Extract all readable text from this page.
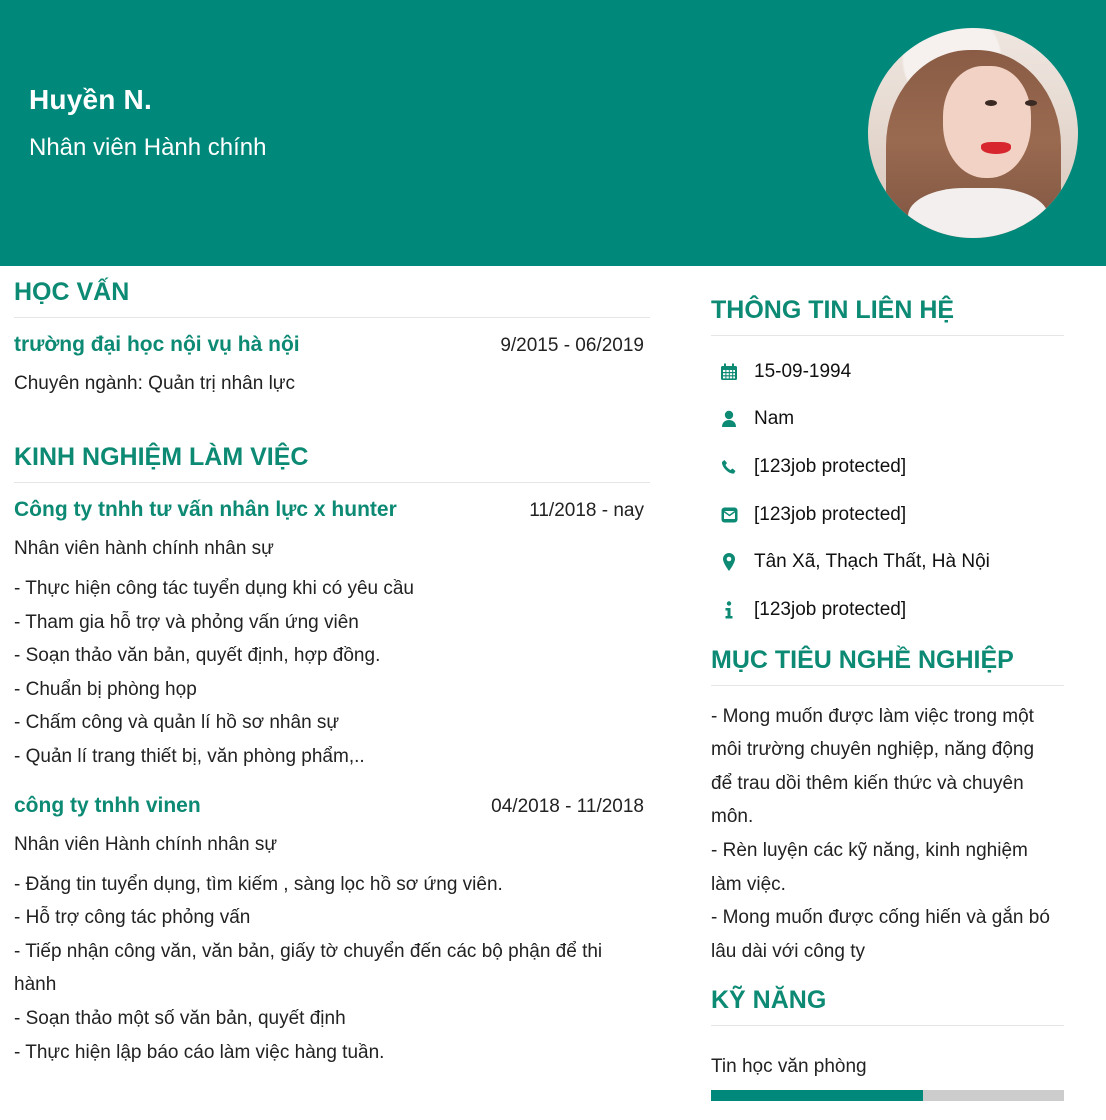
Huyền N.
Nhân viên Hành chính
HỌC VẤN
trường đại học nội vụ hà nội	9/2015 - 06/2019
Chuyên ngành: Quản trị nhân lực
KINH NGHIỆM LÀM VIỆC
Công ty tnhh tư vấn nhân lực x hunter	11/2018 - nay
Nhân viên hành chính nhân sự
- Thực hiện công tác tuyển dụng khi có yêu cầu
- Tham gia hỗ trợ và phỏng vấn ứng viên
- Soạn thảo văn bản, quyết định, hợp đồng.
- Chuẩn bị phòng họp
- Chấm công và quản lí hồ sơ nhân sự
- Quản lí trang thiết bị, văn phòng phẩm,..
công ty tnhh vinen	04/2018 - 11/2018
Nhân viên Hành chính nhân sự
- Đăng tin tuyển dụng, tìm kiếm , sàng lọc hồ sơ ứng viên.
- Hỗ trợ công tác phỏng vấn
- Tiếp nhận công văn, văn bản, giấy tờ chuyển đến các bộ phận để thi
hành
- Soạn thảo một số văn bản, quyết định
- Thực hiện lập báo cáo làm việc hàng tuần.
THÔNG TIN LIÊN HỆ
15-09-1994
Nam
[123job protected]
[123job protected]
Tân Xã, Thạch Thất, Hà Nội
[123job protected]
MỤC TIÊU NGHỀ NGHIỆP
- Mong muốn được làm việc trong một
môi trường chuyên nghiệp, năng động
để trau dồi thêm kiến thức và chuyên
môn.
- Rèn luyện các kỹ năng, kinh nghiệm
làm việc.
- Mong muốn được cống hiến và gắn bó
lâu dài với công ty
KỸ NĂNG
Tin học văn phòng
